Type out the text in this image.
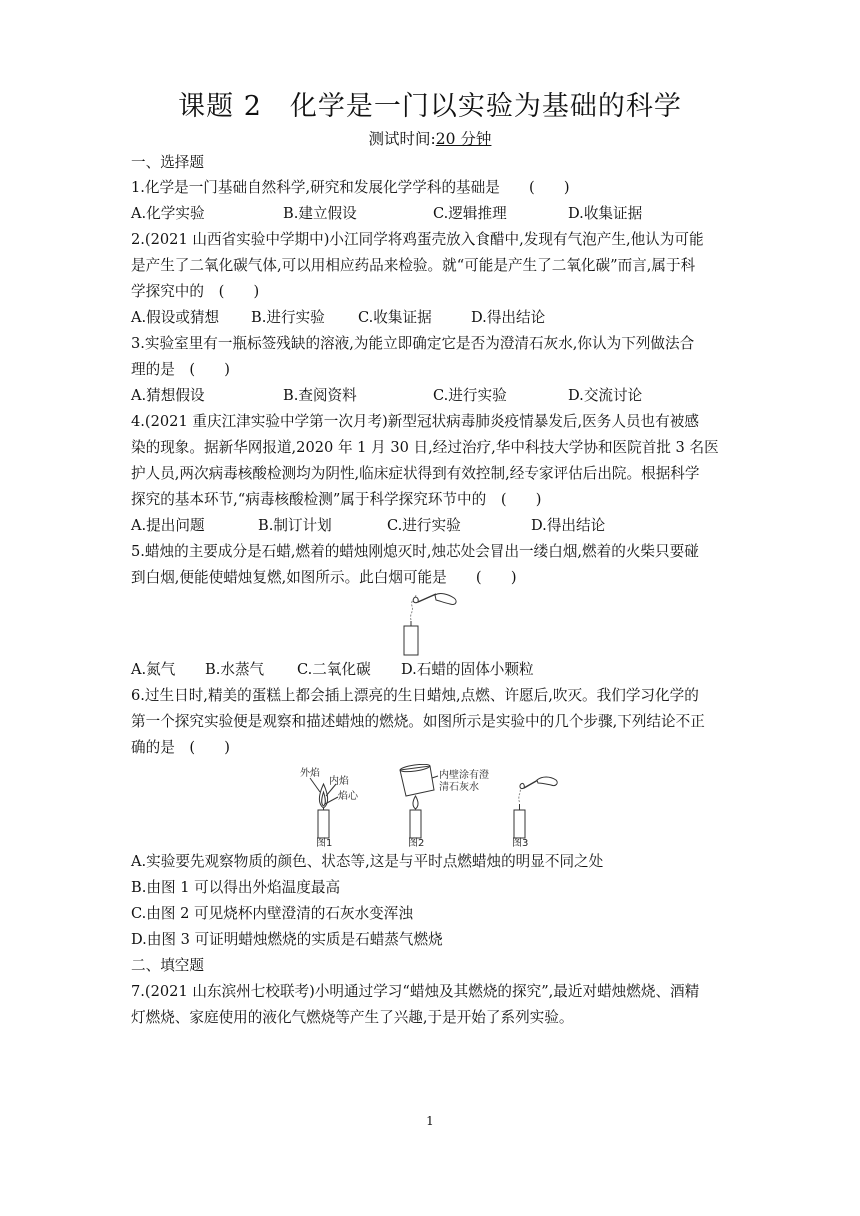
课题 2　化学是一门以实验为基础的科学
测试时间:20 分钟
一、选择题
1.化学是一门基础自然科学,研究和发展化学学科的基础是　　(　　)
A.化学实验	B.建立假设	C.逻辑推理	D.收集证据
2.(2021 山西省实验中学期中)小江同学将鸡蛋壳放入食醋中,发现有气泡产生,他认为可能
是产生了二氧化碳气体,可以用相应药品来检验。就“可能是产生了二氧化碳”而言,属于科
学探究中的　(　　)
A.假设或猜想 B.进行实验 C.收集证据	D.得出结论
3.实验室里有一瓶标签残缺的溶液,为能立即确定它是否为澄清石灰水,你认为下列做法合
理的是　(　　)
A.猜想假设	B.查阅资料	C.进行实验	D.交流讨论
4.(2021 重庆江津实验中学第一次月考)新型冠状病毒肺炎疫情暴发后,医务人员也有被感
染的现象。据新华网报道,2020 年 1 月 30 日,经过治疗,华中科技大学协和医院首批 3 名医
护人员,两次病毒核酸检测均为阴性,临床症状得到有效控制,经专家评估后出院。根据科学
探究的基本环节,“病毒核酸检测”属于科学探究环节中的　(　　)
A.提出问题	B.制订计划	C.进行实验	D.得出结论
5.蜡烛的主要成分是石蜡,燃着的蜡烛刚熄灭时,烛芯处会冒出一缕白烟,燃着的火柴只要碰
到白烟,便能使蜡烛复燃,如图所示。此白烟可能是　　(　　)
A.氮气 B.水蒸气 C.二氧化碳 D.石蜡的固体小颗粒
6.过生日时,精美的蛋糕上都会插上漂亮的生日蜡烛,点燃、许愿后,吹灭。我们学习化学的
第一个探究实验便是观察和描述蜡烛的燃烧。如图所示是实验中的几个步骤,下列结论不正
确的是　(　　)
外焰
内焰
焰心
内壁涂有澄
清石灰水
图1	图2	图3
A.实验要先观察物质的颜色、状态等,这是与平时点燃蜡烛的明显不同之处
B.由图 1 可以得出外焰温度最高
C.由图 2 可见烧杯内壁澄清的石灰水变浑浊
D.由图 3 可证明蜡烛燃烧的实质是石蜡蒸气燃烧
二、填空题
7.(2021 山东滨州七校联考)小明通过学习“蜡烛及其燃烧的探究”,最近对蜡烛燃烧、酒精
灯燃烧、家庭使用的液化气燃烧等产生了兴趣,于是开始了系列实验。
1
